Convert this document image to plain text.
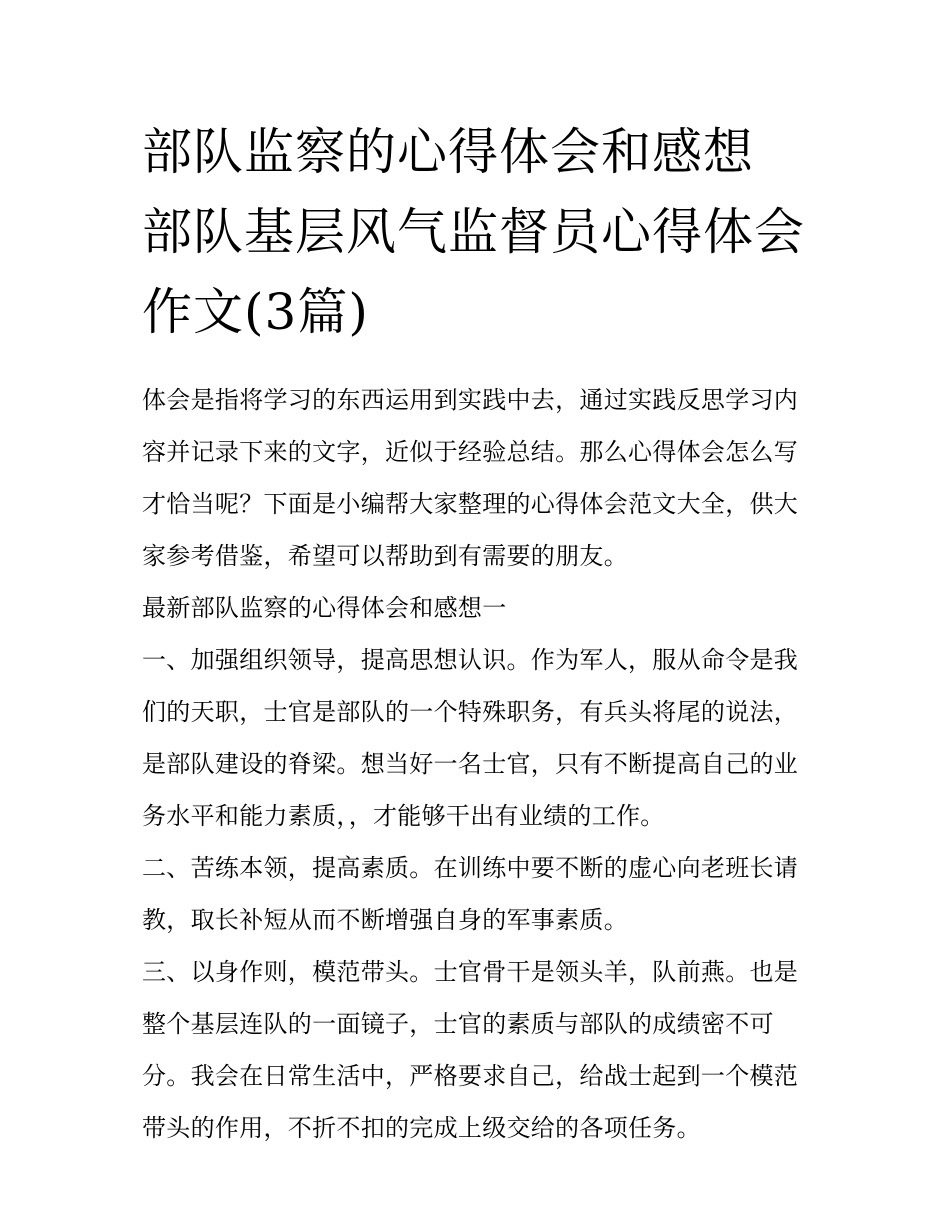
部队监察的心得体会和感想 部队基层风气监督员心得体会作文(3篇)
体会是指将学习的东西运用到实践中去，通过实践反思学习内
容并记录下来的文字，近似于经验总结。那么心得体会怎么写
才恰当呢？下面是小编帮大家整理的心得体会范文大全，供大
家参考借鉴，希望可以帮助到有需要的朋友。
最新部队监察的心得体会和感想一
一、加强组织领导，提高思想认识。作为军人，服从命令是我
们的天职，士官是部队的一个特殊职务，有兵头将尾的说法，
是部队建设的脊梁。想当好一名士官，只有不断提高自己的业
务水平和能力素质，，才能够干出有业绩的工作。
二、苦练本领，提高素质。在训练中要不断的虚心向老班长请
教，取长补短从而不断增强自身的军事素质。
三、以身作则，模范带头。士官骨干是领头羊，队前燕。也是
整个基层连队的一面镜子，士官的素质与部队的成绩密不可
分。我会在日常生活中，严格要求自己，给战士起到一个模范
带头的作用，不折不扣的完成上级交给的各项任务。
